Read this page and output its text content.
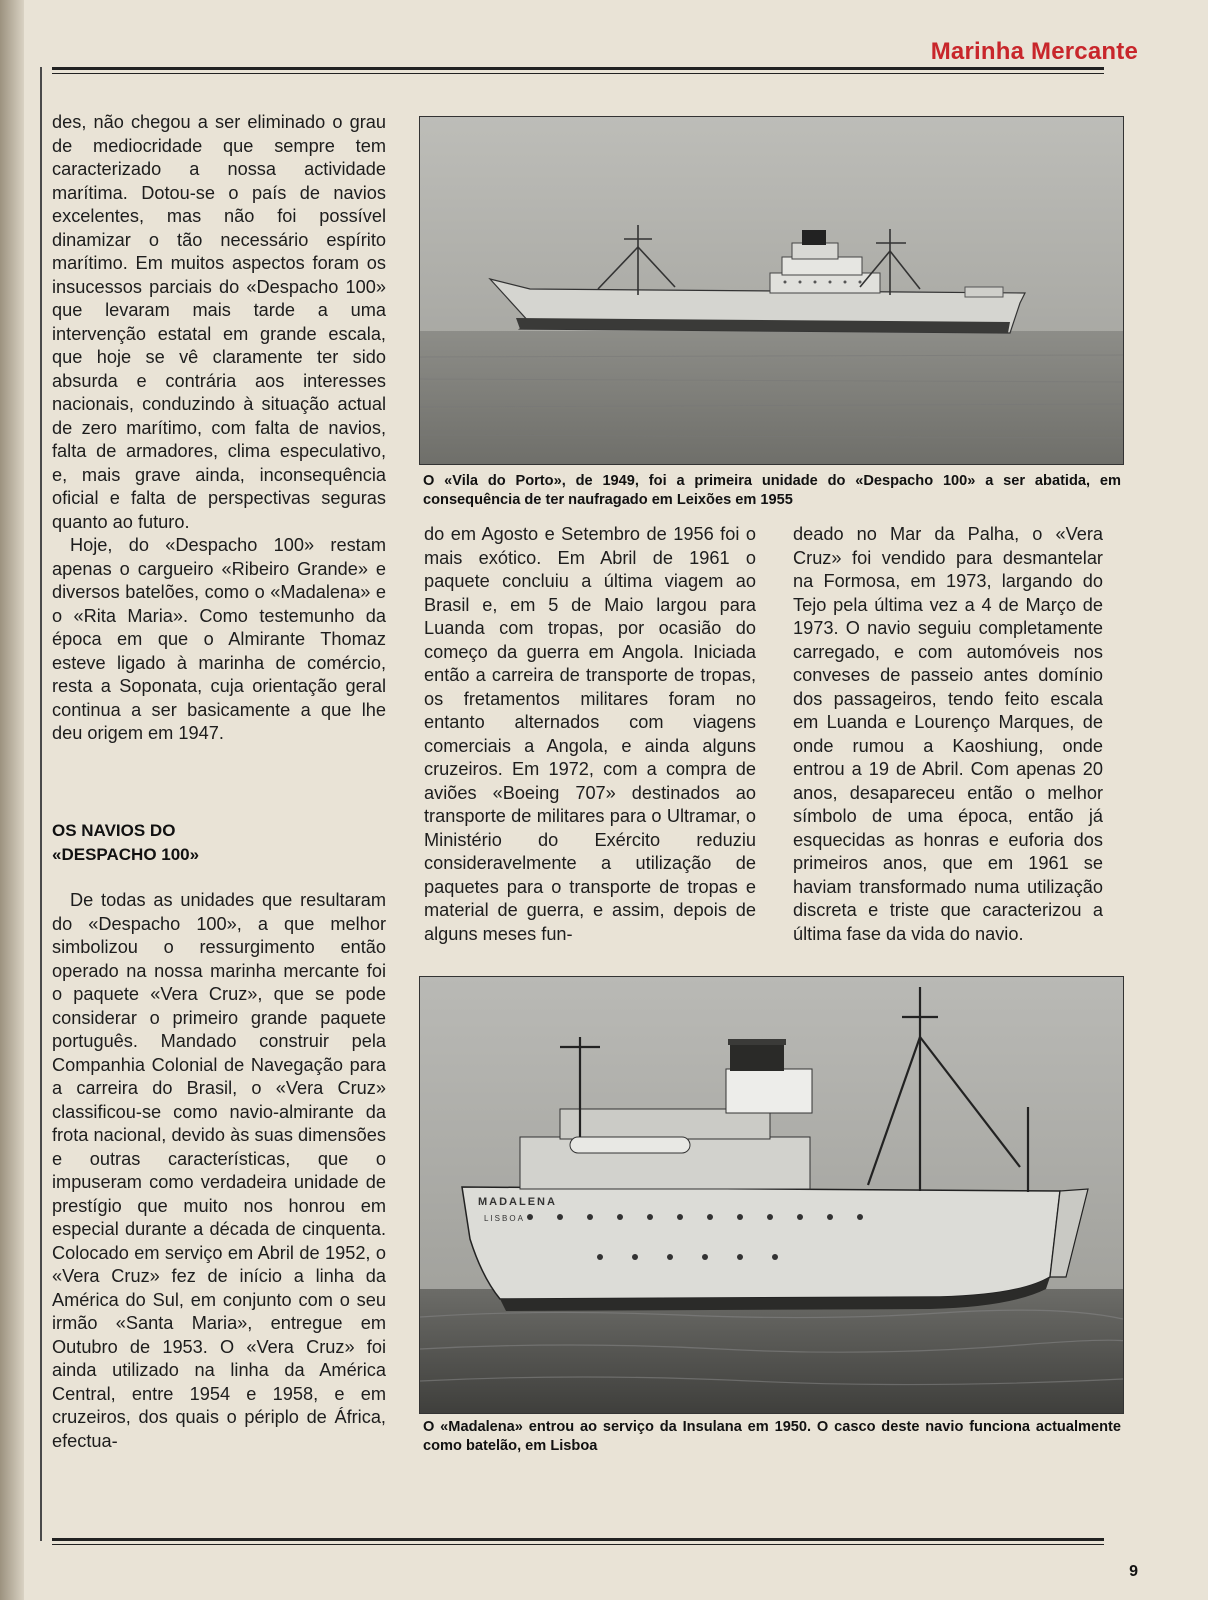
Marinha Mercante

des, não chegou a ser eliminado o grau de mediocridade que sempre tem caracterizado a nossa actividade marítima. Dotou-se o país de navios excelentes, mas não foi possível dinamizar o tão necessário espírito marítimo. Em muitos aspectos foram os insucessos parciais do «Despacho 100» que levaram mais tarde a uma intervenção estatal em grande escala, que hoje se vê claramente ter sido absurda e contrária aos interesses nacionais, conduzindo à situação actual de zero marítimo, com falta de navios, falta de armadores, clima especulativo, e, mais grave ainda, inconsequência oficial e falta de perspectivas seguras quanto ao futuro.

Hoje, do «Despacho 100» restam apenas o cargueiro «Ribeiro Grande» e diversos batelões, como o «Madalena» e o «Rita Maria». Como testemunho da época em que o Almirante Thomaz esteve ligado à marinha de comércio, resta a Soponata, cuja orientação geral continua a ser basicamente a que lhe deu origem em 1947.

OS NAVIOS DO
«DESPACHO 100»

De todas as unidades que resultaram do «Despacho 100», a que melhor simbolizou o ressurgimento então operado na nossa marinha mercante foi o paquete «Vera Cruz», que se pode considerar o primeiro grande paquete português. Mandado construir pela Companhia Colonial de Navegação para a carreira do Brasil, o «Vera Cruz» classificou-se como navio-almirante da frota nacional, devido às suas dimensões e outras características, que o impuseram como verdadeira unidade de prestígio que muito nos honrou em especial durante a década de cinquenta. Colocado em serviço em Abril de 1952, o «Vera Cruz» fez de início a linha da América do Sul, em conjunto com o seu irmão «Santa Maria», entregue em Outubro de 1953. O «Vera Cruz» foi ainda utilizado na linha da América Central, entre 1954 e 1958, e em cruzeiros, dos quais o périplo de África, efectua-

O «Vila do Porto», de 1949, foi a primeira unidade do «Despacho 100» a ser abatida, em consequência de ter naufragado em Leixões em 1955

do em Agosto e Setembro de 1956 foi o mais exótico. Em Abril de 1961 o paquete concluiu a última viagem ao Brasil e, em 5 de Maio largou para Luanda com tropas, por ocasião do começo da guerra em Angola. Iniciada então a carreira de transporte de tropas, os fretamentos militares foram no entanto alternados com viagens comerciais a Angola, e ainda alguns cruzeiros. Em 1972, com a compra de aviões «Boeing 707» destinados ao transporte de militares para o Ultramar, o Ministério do Exército reduziu consideravelmente a utilização de paquetes para o transporte de tropas e material de guerra, e assim, depois de alguns meses fun-

deado no Mar da Palha, o «Vera Cruz» foi vendido para desmantelar na Formosa, em 1973, largando do Tejo pela última vez a 4 de Março de 1973. O navio seguiu completamente carregado, e com automóveis nos conveses de passeio antes domínio dos passageiros, tendo feito escala em Luanda e Lourenço Marques, de onde rumou a Kaoshiung, onde entrou a 19 de Abril. Com apenas 20 anos, desapareceu então o melhor símbolo de uma época, então já esquecidas as honras e euforia dos primeiros anos, que em 1961 se haviam transformado numa utilização discreta e triste que caracterizou a última fase da vida do navio.

MADALENA
LISBOA
O «Madalena» entrou ao serviço da Insulana em 1950. O casco deste navio funciona actualmente como batelão, em Lisboa
9
